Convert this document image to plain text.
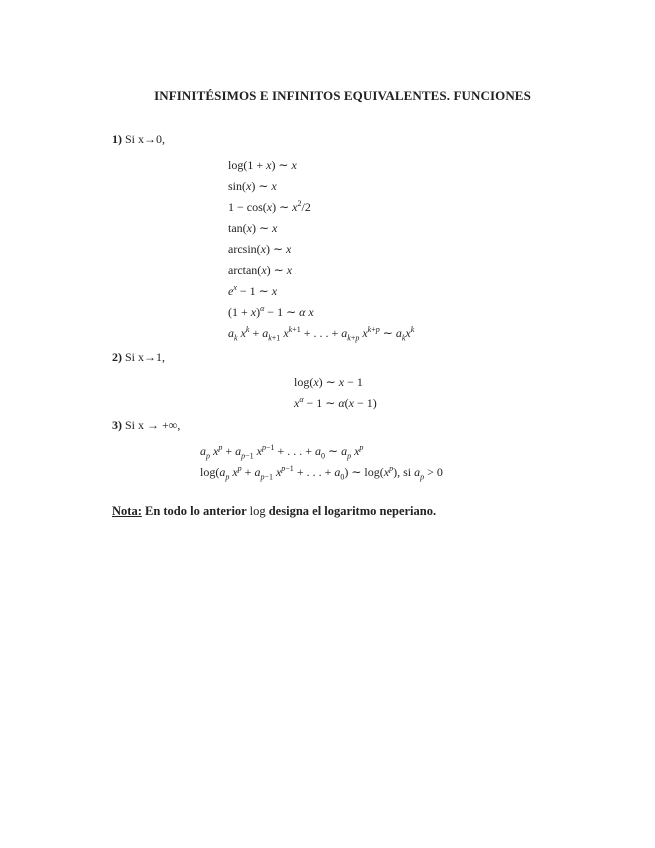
INFINITÉSIMOS E INFINITOS EQUIVALENTES. FUNCIONES
1) Si x→0,
log(1 + x) ∼ x
sin(x) ∼ x
1 − cos(x) ∼ $x^2/2$
tan(x) ∼ x
arcsin(x) ∼ x
arctan(x) ∼ x
$e^x - 1$ ∼ x
$(1 + x)^\alpha - 1$ ∼ α x
$a_k$ $x^k + a_{k+1}$ $x^{k+1}$ + . . . + $a_{k+p}$ $x^{k+p}$ ∼ $a_kx^k$
2) Si x→1,
log(x) ∼ x − 1
$x^\alpha - 1$ ∼ α(x − 1)
3) Si x → +∞,
$a_p$ $x^p + a_{p-1}$ $x^{p-1}$ + . . . + $a_0$ ∼ $a_p$ $x^p$
$\log(a_p$ $x^p + a_{p-1}$ $x^{p-1}$ + . . . + $a_0$) ∼ $\log(x^p)$, si $a_p > 0$
Nota: En todo lo anterior log designa el logaritmo neperiano.
